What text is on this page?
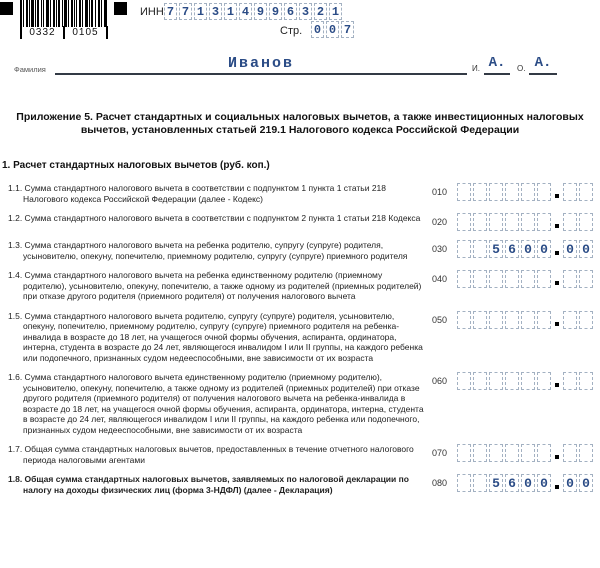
0332	0105
ИНН 7 7 1 3 1 4 9 9 6 3 2 1
Стр. 0 0 7
Фамилия	Иванов	И. А.	О. А.
Приложение 5. Расчет стандартных и социальных налоговых вычетов, а также инвестиционных налоговых вычетов, установленных статьей 219.1 Налогового кодекса Российской Федерации
1. Расчет стандартных налоговых вычетов (руб. коп.)
1.1. Сумма стандартного налогового вычета в соответствии с подпунктом 1 пункта 1 статьи 218 Налогового кодекса Российской Федерации (далее - Кодекс)
010
1.2. Сумма стандартного налогового вычета в соответствии с подпунктом 2 пункта 1 статьи 218 Кодекса	020
1.3. Сумма стандартного налогового вычета на ребенка родителю, супругу (супруге) родителя, усыновителю, опекуну, попечителю, приемному родителю, супругу (супруге) приемного родителя
030	5 6 0 0 0 0
1.4. Сумма стандартного налогового вычета на ребенка единственному родителю (приемному родителю), усыновителю, опекуну, попечителю, а также одному из родителей (приемных родителей) при отказе другого родителя (приемного родителя) от получения налогового вычета
040
1.5. Сумма стандартного налогового вычета родителю, супругу (супруге) родителя, усыновителю, опекуну, попечителю, приемному родителю, супругу (супруге) приемного родителя на ребенка-инвалида в возрасте до 18 лет, на учащегося очной формы обучения, аспиранта, ординатора, интерна, студента в возрасте до 24 лет, являющегося инвалидом I или II группы, на каждого ребенка или подопечного, признанных судом недееспособными, вне зависимости от их возраста
050
1.6. Сумма стандартного налогового вычета единственному родителю (приемному родителю), усыновителю, опекуну, попечителю, а также одному из родителей (приемных родителей) при отказе другого родителя (приемного родителя) от получения налогового вычета на ребенка-инвалида в возрасте до 18 лет, на учащегося очной формы обучения, аспиранта, ординатора, интерна, студента в возрасте до 24 лет, являющегося инвалидом I или II группы, на каждого ребенка или подопечного, признанных судом недееспособными, вне зависимости от их возраста
060
1.7. Общая сумма стандартных налоговых вычетов, предоставленных в течение отчетного налогового периода налоговыми агентами
070
1.8. Общая сумма стандартных налоговых вычетов, заявляемых по налоговой декларации по налогу на доходы физических лиц (форма 3-НДФЛ) (далее - Декларация)
080	5 6 0 0 0 0
